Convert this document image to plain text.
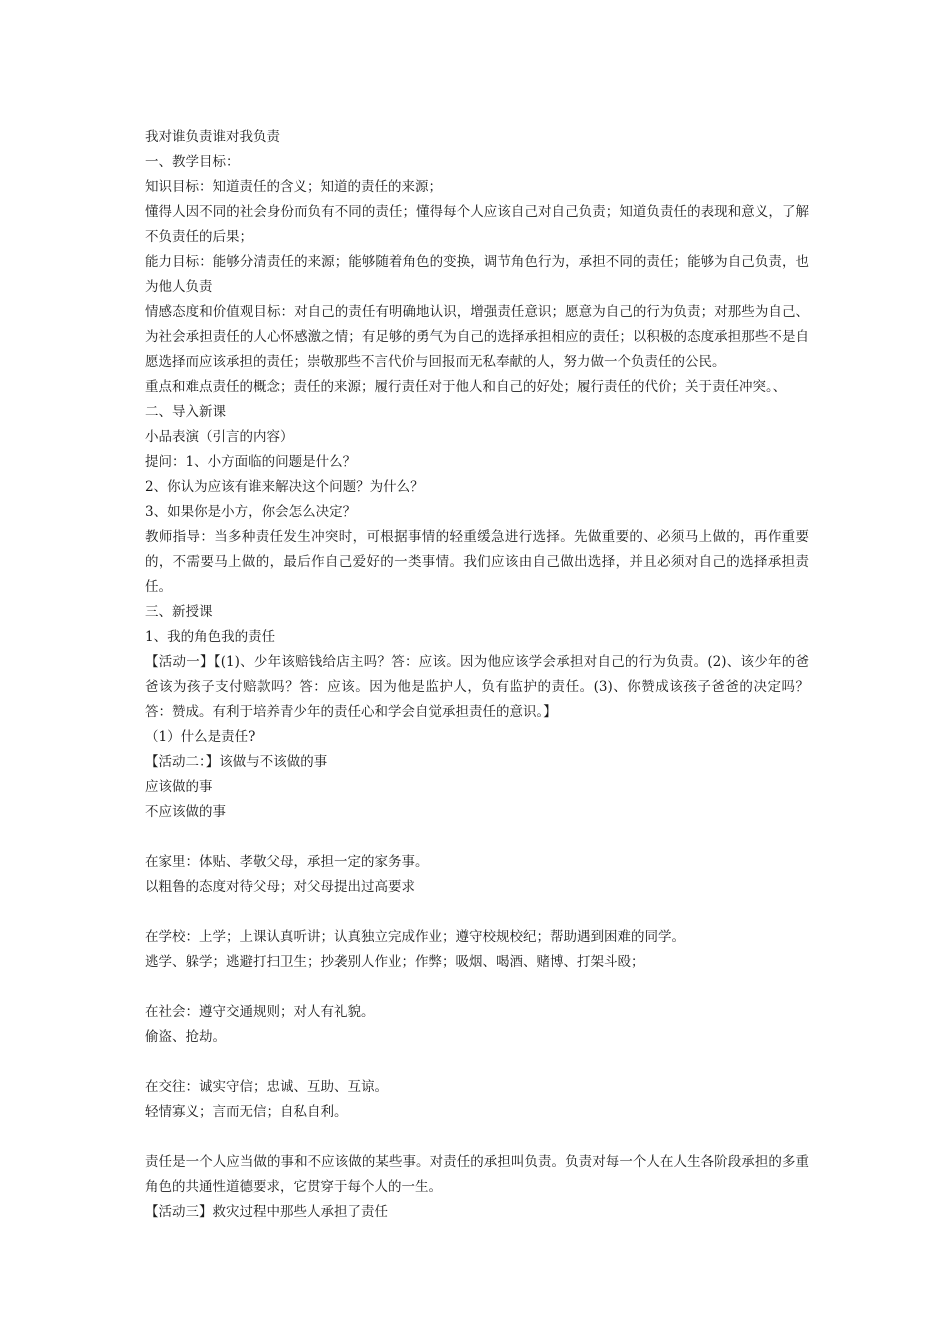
我对谁负责谁对我负责
一、教学目标：
知识目标：知道责任的含义；知道的责任的来源；
懂得人因不同的社会身份而负有不同的责任；懂得每个人应该自己对自己负责；知道负责任的表现和意义，了解不负责任的后果；
能力目标：能够分清责任的来源；能够随着角色的变换，调节角色行为，承担不同的责任；能够为自己负责，也为他人负责
情感态度和价值观目标：对自己的责任有明确地认识，增强责任意识；愿意为自己的行为负责；对那些为自己、为社会承担责任的人心怀感激之情；有足够的勇气为自己的选择承担相应的责任；以积极的态度承担那些不是自愿选择而应该承担的责任；崇敬那些不言代价与回报而无私奉献的人，努力做一个负责任的公民。
重点和难点责任的概念；责任的来源；履行责任对于他人和自己的好处；履行责任的代价；关于责任冲突。、
二、导入新课
小品表演（引言的内容）
提问：1、小方面临的问题是什么？
2、你认为应该有谁来解决这个问题？为什么？
3、如果你是小方，你会怎么决定？
教师指导：当多种责任发生冲突时，可根据事情的轻重缓急进行选择。先做重要的、必须马上做的，再作重要的，不需要马上做的，最后作自己爱好的一类事情。我们应该由自己做出选择，并且必须对自己的选择承担责任。
三、新授课
1、我的角色我的责任
【活动一】【(1)、少年该赔钱给店主吗？答：应该。因为他应该学会承担对自己的行为负责。(2)、该少年的爸爸该为孩子支付赔款吗？答：应该。因为他是监护人，负有监护的责任。(3)、你赞成该孩子爸爸的决定吗？答：赞成。有利于培养青少年的责任心和学会自觉承担责任的意识。】
（1）什么是责任?
【活动二：】该做与不该做的事
应该做的事
不应该做的事
在家里：体贴、孝敬父母，承担一定的家务事。
以粗鲁的态度对待父母；对父母提出过高要求
在学校：上学；上课认真听讲；认真独立完成作业；遵守校规校纪；帮助遇到困难的同学。
逃学、躲学；逃避打扫卫生；抄袭别人作业；作弊；吸烟、喝酒、赌博、打架斗殴；
在社会：遵守交通规则；对人有礼貌。
偷盗、抢劫。
在交往：诚实守信；忠诚、互助、互谅。
轻情寡义；言而无信；自私自利。
责任是一个人应当做的事和不应该做的某些事。对责任的承担叫负责。负责对每一个人在人生各阶段承担的多重角色的共通性道德要求，它贯穿于每个人的一生。
【活动三】救灾过程中那些人承担了责任
